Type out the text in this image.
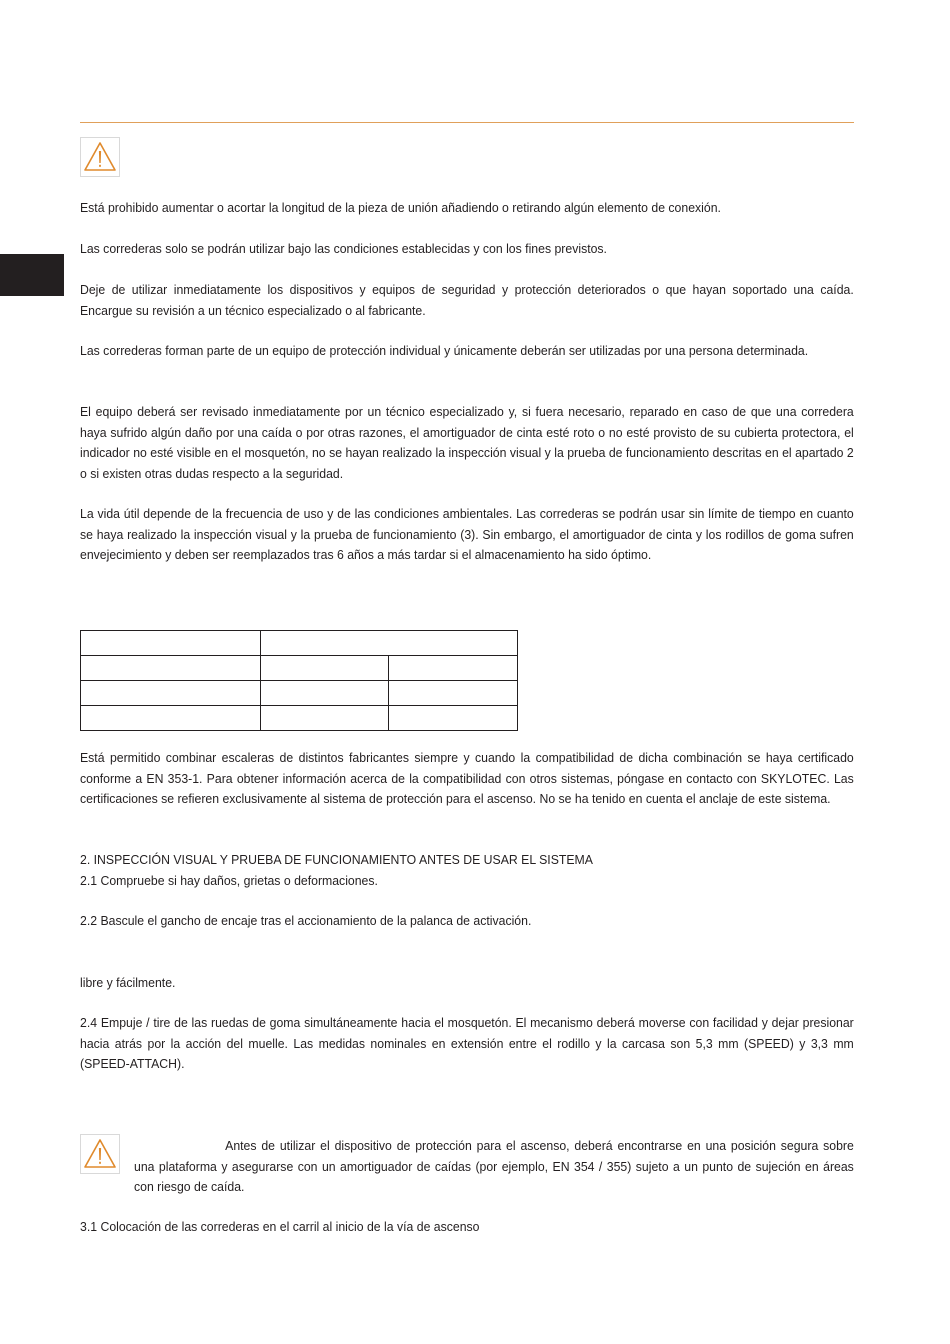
Está prohibido aumentar o acortar la longitud de la pieza de unión añadiendo o retirando algún elemento de conexión.

Las correderas solo se podrán utilizar bajo las condiciones establecidas y con los fines previstos.

Deje de utilizar inmediatamente los dispositivos y equipos de seguridad y protección deteriorados o que hayan soportado una caída. Encargue su revisión a un técnico especializado o al fabricante.

Las correderas forman parte de un equipo de protección individual y únicamente deberán ser utilizadas por una persona determinada.

El equipo deberá ser revisado inmediatamente por un técnico especializado y, si fuera necesario, reparado en caso de que una corredera haya sufrido algún daño por una caída o por otras razones, el amortiguador de cinta esté roto o no esté provisto de su cubierta protectora, el indicador no esté visible en el mosquetón, no se hayan realizado la inspección visual y la prueba de funcionamiento descritas en el apartado 2 o si existen otras dudas respecto a la seguridad.

La vida útil depende de la frecuencia de uso y de las condiciones ambientales. Las correderas se podrán usar sin límite de tiempo en cuanto se haya realizado la inspección visual y la prueba de funcionamiento (3). Sin embargo, el amortiguador de cinta y los rodillos de goma sufren envejecimiento y deben ser reemplazados tras 6 años a más tardar si el almacenamiento ha sido óptimo.

Está permitido combinar escaleras de distintos fabricantes siempre y cuando la compatibilidad de dicha combinación se haya certificado conforme a EN 353-1. Para obtener información acerca de la compatibilidad con otros sistemas, póngase en contacto con SKYLOTEC. Las certificaciones se refieren exclusivamente al sistema de protección para el ascenso. No se ha tenido en cuenta el anclaje de este sistema.

2. INSPECCIÓN VISUAL Y PRUEBA DE FUNCIONAMIENTO ANTES DE USAR EL SISTEMA

2.1 Compruebe si hay daños, grietas o deformaciones.

2.2 Bascule el gancho de encaje tras el accionamiento de la palanca de activación.

libre y fácilmente.

2.4 Empuje / tire de las ruedas de goma simultáneamente hacia el mosquetón. El mecanismo deberá moverse con facilidad y dejar presionar hacia atrás por la acción del muelle. Las medidas nominales en extensión entre el rodillo y la carcasa son 5,3 mm (SPEED) y 3,3 mm (SPEED-ATTACH).

Antes de utilizar el dispositivo de protección para el ascenso, deberá encontrarse en una posición segura sobre una plataforma y asegurarse con un amortiguador de caídas (por ejemplo, EN 354 / 355) sujeto a un punto de sujeción en áreas con riesgo de caída.

3.1 Colocación de las correderas en el carril al inicio de la vía de ascenso
